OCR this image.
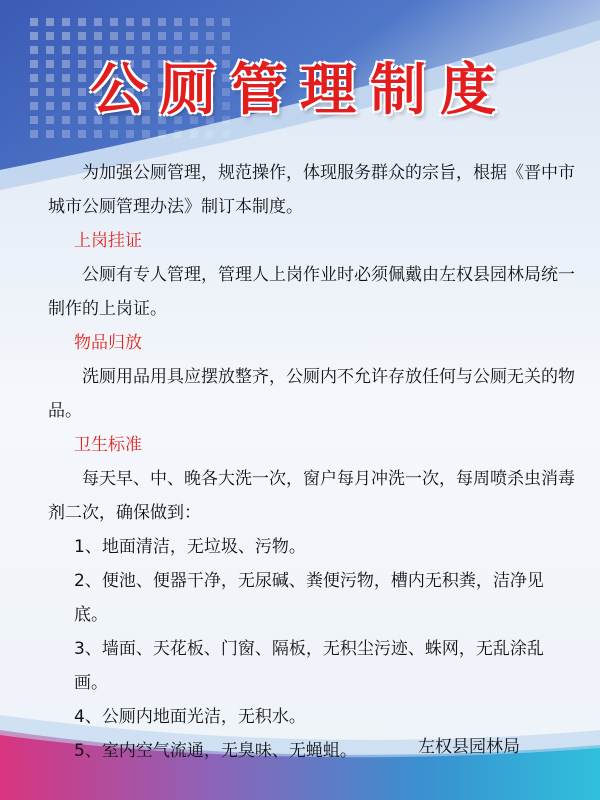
公厕管理制度

为加强公厕管理，规范操作，体现服务群众的宗旨，根据《晋中市城市公厕管理办法》制订本制度。

上岗挂证

公厕有专人管理，管理人上岗作业时必须佩戴由左权县园林局统一制作的上岗证。

物品归放

洗厕用品用具应摆放整齐，公厕内不允许存放任何与公厕无关的物品。

卫生标准

每天早、中、晚各大洗一次，窗户每月冲洗一次，每周喷杀虫消毒剂二次，确保做到：

1、地面清洁，无垃圾、污物。

2、便池、便器干净，无尿碱、粪便污物，槽内无积粪，洁净见底。

3、墙面、天花板、门窗、隔板，无积尘污迹、蛛网，无乱涂乱画。

4、公厕内地面光洁，无积水。

5、室内空气流通，无臭味、无蝇蛆。	左权县园林局
